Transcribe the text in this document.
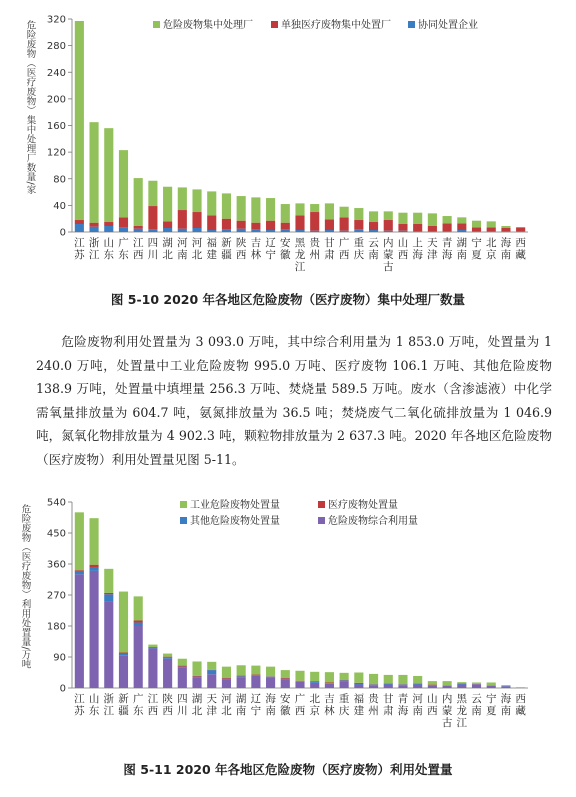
0
40
80
120
160
200
240
280
320
危险废物（医疗废物）集中处理厂数量/家
江苏
浙江
山东
广东
江西
四川
湖北
河南
河北
福建
新疆
陕西
吉林
辽宁
安徽
黑龙江
贵州
甘肃
广西
重庆
云南
内蒙古
山西
上海
天津
青海
湖南
宁夏
北京
海南
西藏
危险废物集中处理厂	单独医疗废物集中处置厂	协同处置企业
图 5-10 2020 年各地区危险废物（医疗废物）集中处理厂数量

危险废物利用处置量为 3 093.0 万吨，其中综合利用量为 1 853.0 万吨，处置量为 1 240.0 万吨，处置量中工业危险废物 995.0 万吨、医疗废物 106.1 万吨、其他危险废物 138.9 万吨，处置量中填埋量 256.3 万吨、焚烧量 589.5 万吨。废水（含渗滤液）中化学需氧量排放量为 604.7 吨，氨氮排放量为 36.5 吨；焚烧废气二氧化硫排放量为 1 046.9 吨，氮氧化物排放量为 4 902.3 吨，颗粒物排放量为 2 637.3 吨。2020 年各地区危险废物（医疗废物）利用处置量见图 5-11。

0
90
180
270
360
450
540
危险废物（医疗废物）利用处置量/万吨
江苏
山东
浙江
新疆
广东
江西
陕西
四川
湖北
天津
河北
湖南
辽宁
海南
安徽
广西
北京
吉林
重庆
福建
贵州
甘肃
青海
河南
山西
内蒙古
黑龙江
云南
宁夏
海南
西藏
工业危险废物处置量	医疗废物处置量
其他危险废物处置量	危险废物综合利用量
图 5-11 2020 年各地区危险废物（医疗废物）利用处置量
